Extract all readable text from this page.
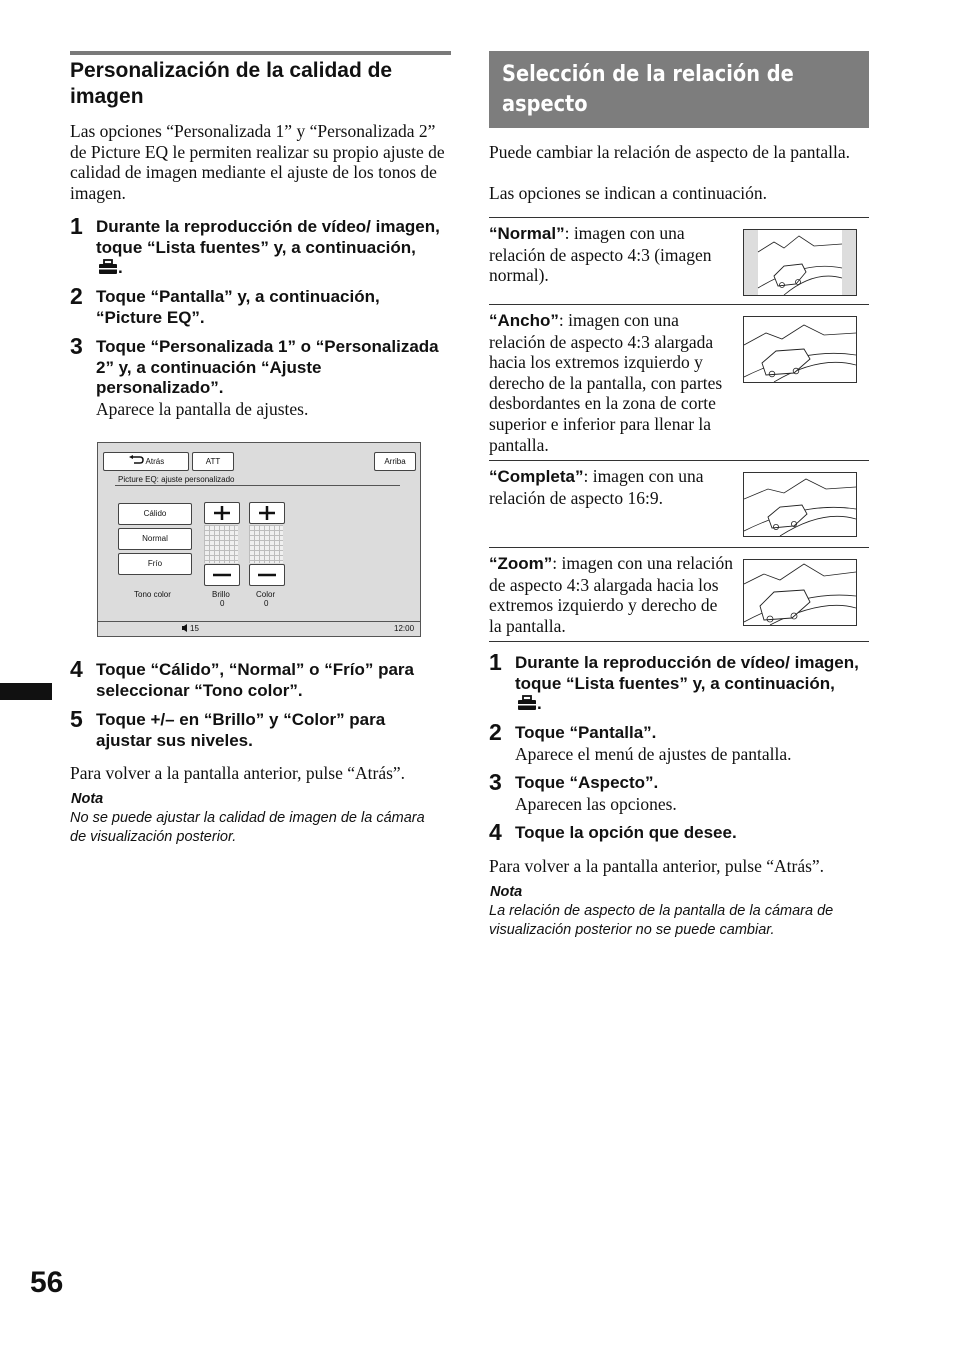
Personalización de la calidad de imagen
Las opciones “Personalizada 1” y “Personalizada 2” de Picture EQ le permiten realizar su propio ajuste de calidad de imagen mediante el ajuste de los tonos de imagen.
1 Durante la reproducción de vídeo/ imagen, toque “Lista fuentes” y, a continuación, .
2 Toque “Pantalla” y, a continuación, “Picture EQ”.
3 Toque “Personalizada 1” o “Personalizada 2” y, a continuación “Ajuste personalizado”.
Aparece la pantalla de ajustes.
Atrás	ATT	Arriba
Picture EQ: ajuste personalizado
Cálido
Normal
Frío
Tono color	Brillo
0
Color
0
15	12:00
4 Toque “Cálido”, “Normal” o “Frío” para seleccionar “Tono color”.
5 Toque +/– en “Brillo” y “Color” para ajustar sus niveles.
Para volver a la pantalla anterior, pulse “Atrás”.
Nota
No se puede ajustar la calidad de imagen de la cámara de visualización posterior.
Selección de la relación de aspecto
Puede cambiar la relación de aspecto de la pantalla.
Las opciones se indican a continuación.
“Normal”: imagen con una relación de aspecto 4:3 (imagen normal).
“Ancho”: imagen con una relación de aspecto 4:3 alargada hacia los extremos izquierdo y derecho de la pantalla, con partes desbordantes en la zona de corte superior e inferior para llenar la pantalla.
“Completa”: imagen con una relación de aspecto 16:9.
“Zoom”: imagen con una relación de aspecto 4:3 alargada hacia los extremos izquierdo y derecho de la pantalla.
1 Durante la reproducción de vídeo/ imagen, toque “Lista fuentes” y, a continuación, .
2 Toque “Pantalla”.
Aparece el menú de ajustes de pantalla.
3 Toque “Aspecto”.
Aparecen las opciones.
4 Toque la opción que desee.
Para volver a la pantalla anterior, pulse “Atrás”.
Nota
La relación de aspecto de la pantalla de la cámara de visualización posterior no se puede cambiar.
56
